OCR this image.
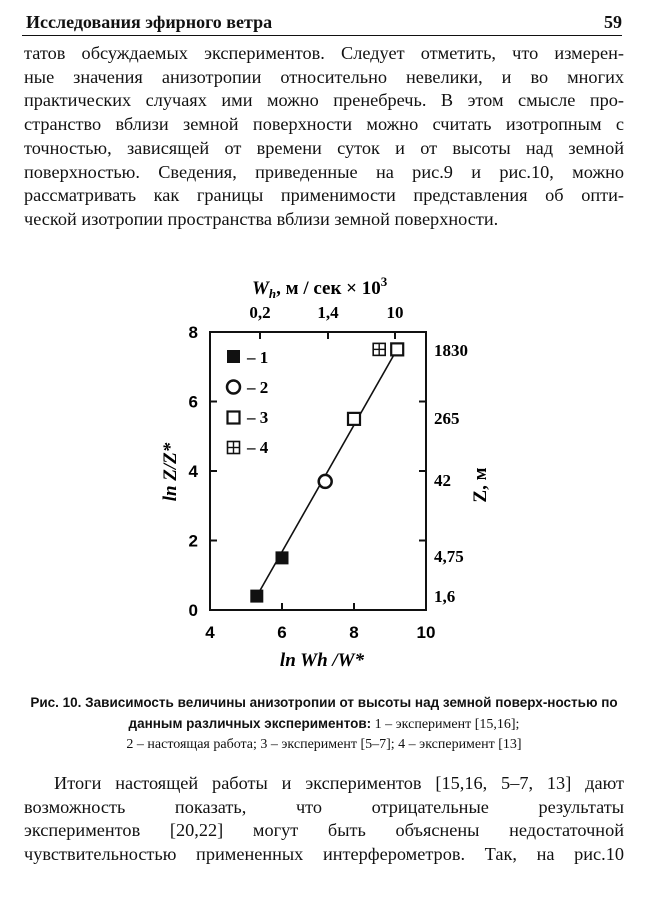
Исследования эфирного ветра	59
татов обсуждаемых экспериментов. Следует отметить, что измерен-
ные значения анизотропии относительно невелики, и во многих
практических случаях ими можно пренебречь. В этом смысле про-
странство вблизи земной поверхности можно считать изотропным с
точностью, зависящей от времени суток и от высоты над земной
поверхностью. Сведения, приведенные на рис.9 и рис.10, можно
рассматривать как границы применимости представления об опти-
ческой изотропии пространства вблизи земной поверхности.
$W_h$, м / сек × $10^3$
0,2	1,4	10
0
2
4
6
8
4	6	8	10
ln Wh /W*
ln Z/Z*
1830
265
42
4,75
1,6
Z, м
– 1
– 2
– 3
– 4
Рис. 10. Зависимость величины анизотропии от высоты над земной поверх-ностью по данным различных экспериментов: 1 – эксперимент [15,16];
2 – настоящая работа; 3 – эксперимент [5–7]; 4 – эксперимент [13]
Итоги настоящей работы и экспериментов [15,16, 5–7, 13] дают
возможность показать, что отрицательные результаты
экспериментов [20,22] могут быть объяснены недостаточной
чувствительностью примененных интерферометров. Так, на рис.10
